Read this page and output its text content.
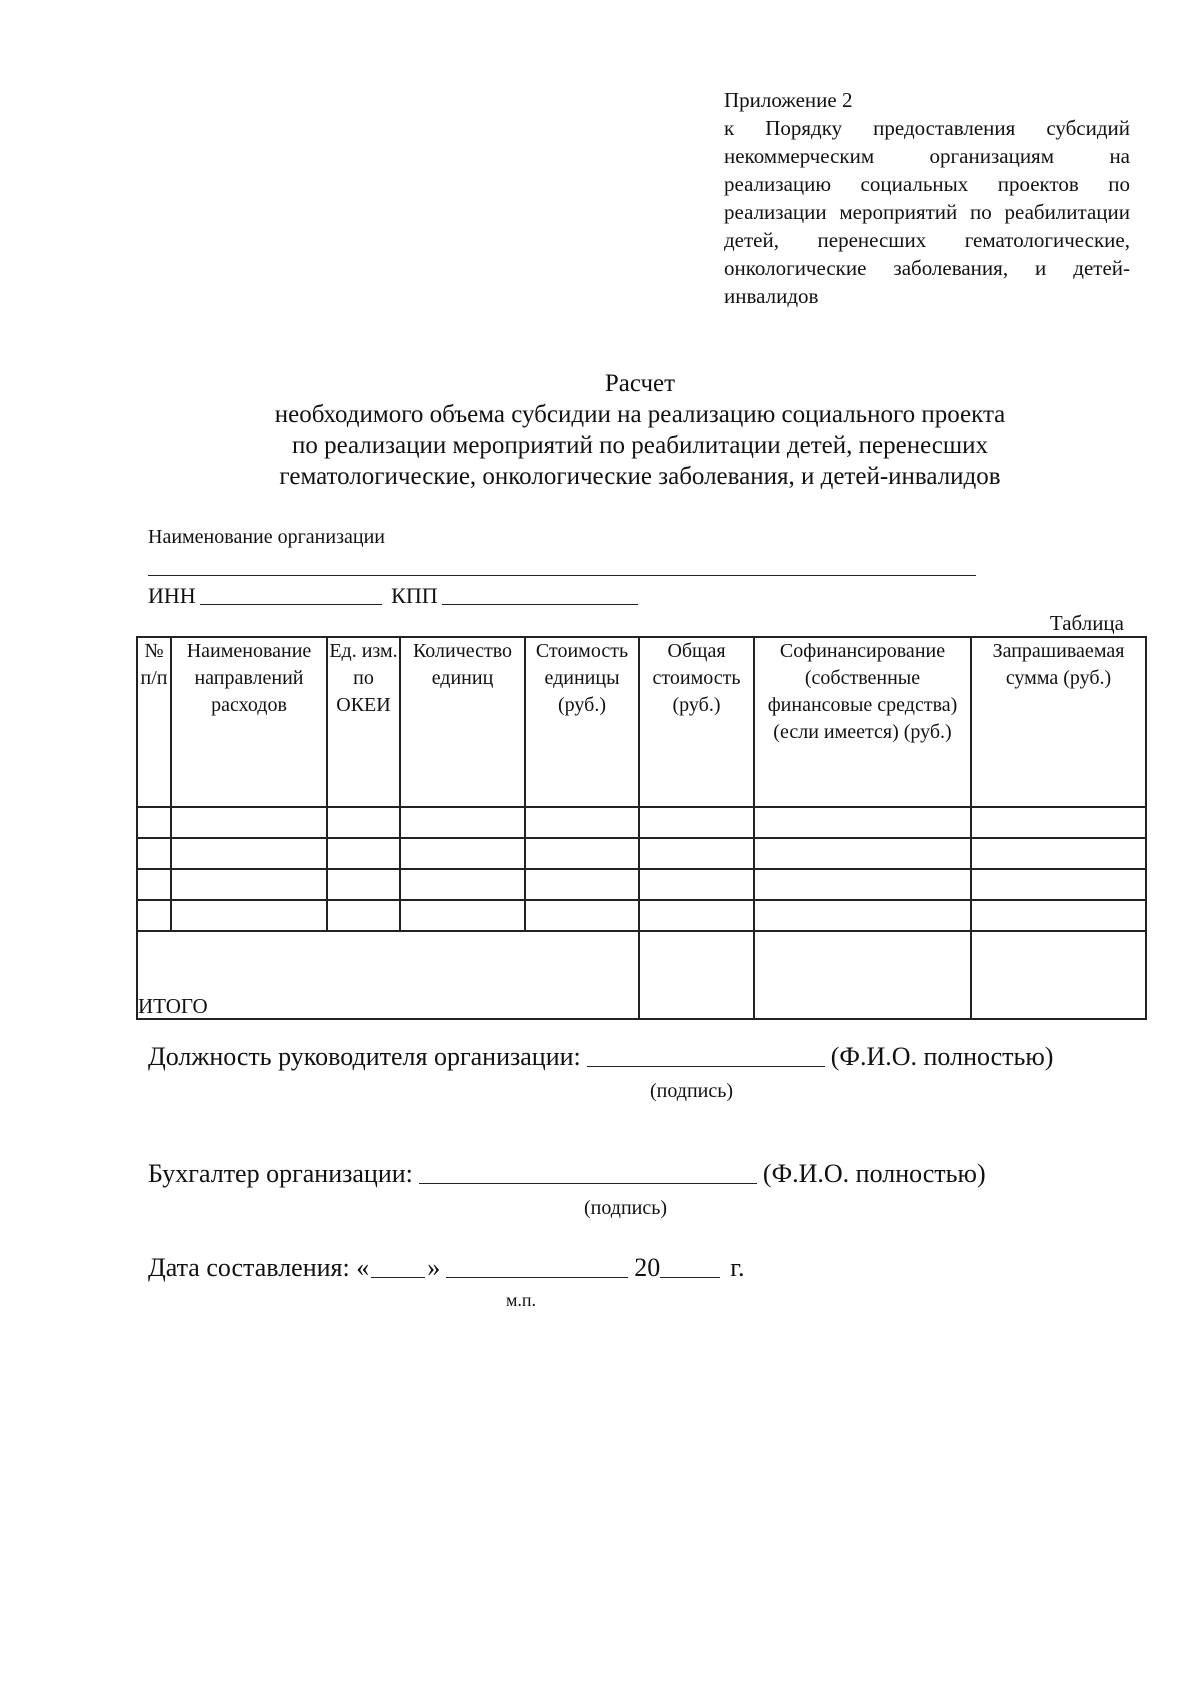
Приложение 2
к Порядку предоставления субсидий некоммерческим организациям на реализацию социальных проектов по реализации мероприятий по реабилитации детей, перенесших гематологические, онкологические заболевания, и детей-инвалидов
Расчет
необходимого объема субсидии на реализацию социального проекта
по реализации мероприятий по реабилитации детей, перенесших
гематологические, онкологические заболевания, и детей-инвалидов
Наименование организации
ИНН	КПП
Таблица
№ п/п	Наименование направлений расходов	Ед. изм. по ОКЕИ	Количество единиц	Стоимость единицы (руб.)	Общая стоимость (руб.)	Софинансирование (собственные финансовые средства) (если имеется) (руб.)	Запрашиваемая сумма (руб.)

ИТОГО							
Должность руководителя организации:	(Ф.И.О. полностью)
(подпись)
Бухгалтер организации:	(Ф.И.О. полностью)
(подпись)
Дата составления: « »	20	г.
м.п.
